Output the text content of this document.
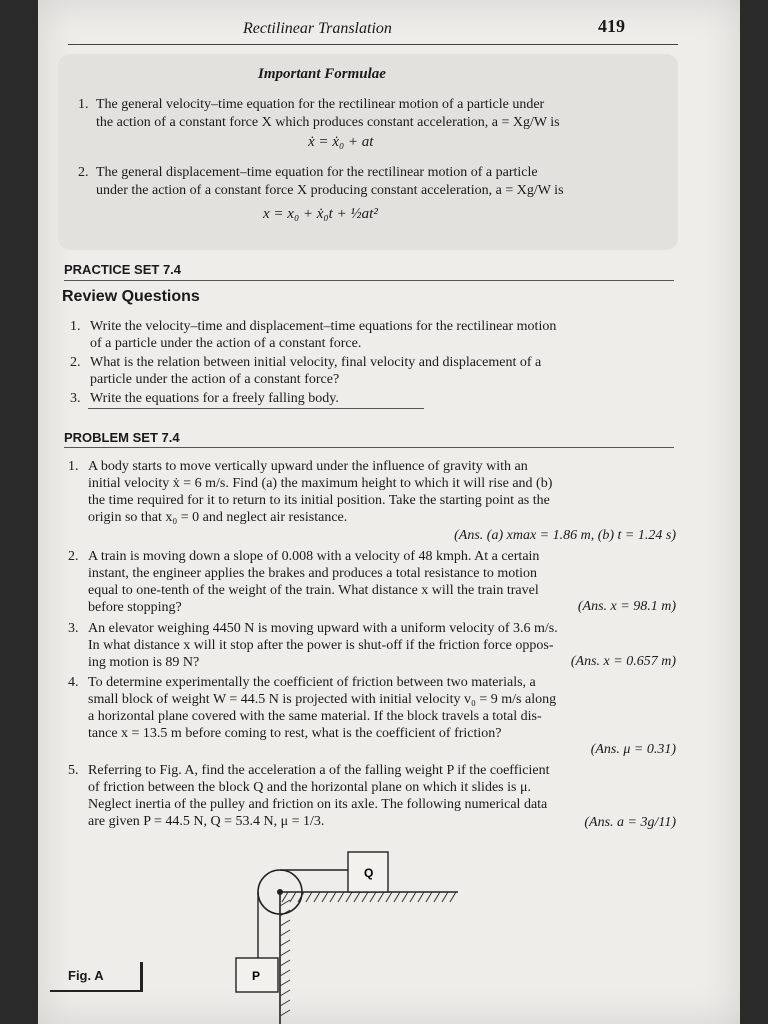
Rectilinear Translation	419
Important Formulae
1. The general velocity–time equation for the rectilinear motion of a particle under
the action of a constant force X which produces constant acceleration, a = Xg/W is
ẋ = ẋ₀ + at
2. The general displacement–time equation for the rectilinear motion of a particle
under the action of a constant force X producing constant acceleration, a = Xg/W is
x = x₀ + ẋ₀t + ½at²
PRACTICE SET 7.4
Review Questions
1. Write the velocity–time and displacement–time equations for the rectilinear motion
of a particle under the action of a constant force.
2. What is the relation between initial velocity, final velocity and displacement of a
particle under the action of a constant force?
3. Write the equations for a freely falling body.
PROBLEM SET 7.4
1. A body starts to move vertically upward under the influence of gravity with an
initial velocity ẋ = 6 m/s. Find (a) the maximum height to which it will rise and (b)
the time required for it to return to its initial position. Take the starting point as the
origin so that x₀ = 0 and neglect air resistance.
(Ans. (a) xmax = 1.86 m, (b) t = 1.24 s)
2. A train is moving down a slope of 0.008 with a velocity of 48 kmph. At a certain
instant, the engineer applies the brakes and produces a total resistance to motion
equal to one-tenth of the weight of the train. What distance x will the train travel
before stopping?	(Ans. x = 98.1 m)
3. An elevator weighing 4450 N is moving upward with a uniform velocity of 3.6 m/s.
In what distance x will it stop after the power is shut-off if the friction force oppos-
ing motion is 89 N?	(Ans. x = 0.657 m)
4. To determine experimentally the coefficient of friction between two materials, a
small block of weight W = 44.5 N is projected with initial velocity v₀ = 9 m/s along
a horizontal plane covered with the same material. If the block travels a total dis-
tance x = 13.5 m before coming to rest, what is the coefficient of friction?
(Ans. μ = 0.31)
5. Referring to Fig. A, find the acceleration a of the falling weight P if the coefficient
of friction between the block Q and the horizontal plane on which it slides is μ.
Neglect inertia of the pulley and friction on its axle. The following numerical data
are given P = 44.5 N, Q = 53.4 N, μ = 1/3.	(Ans. a = 3g/11)
Q
P
Fig. A
